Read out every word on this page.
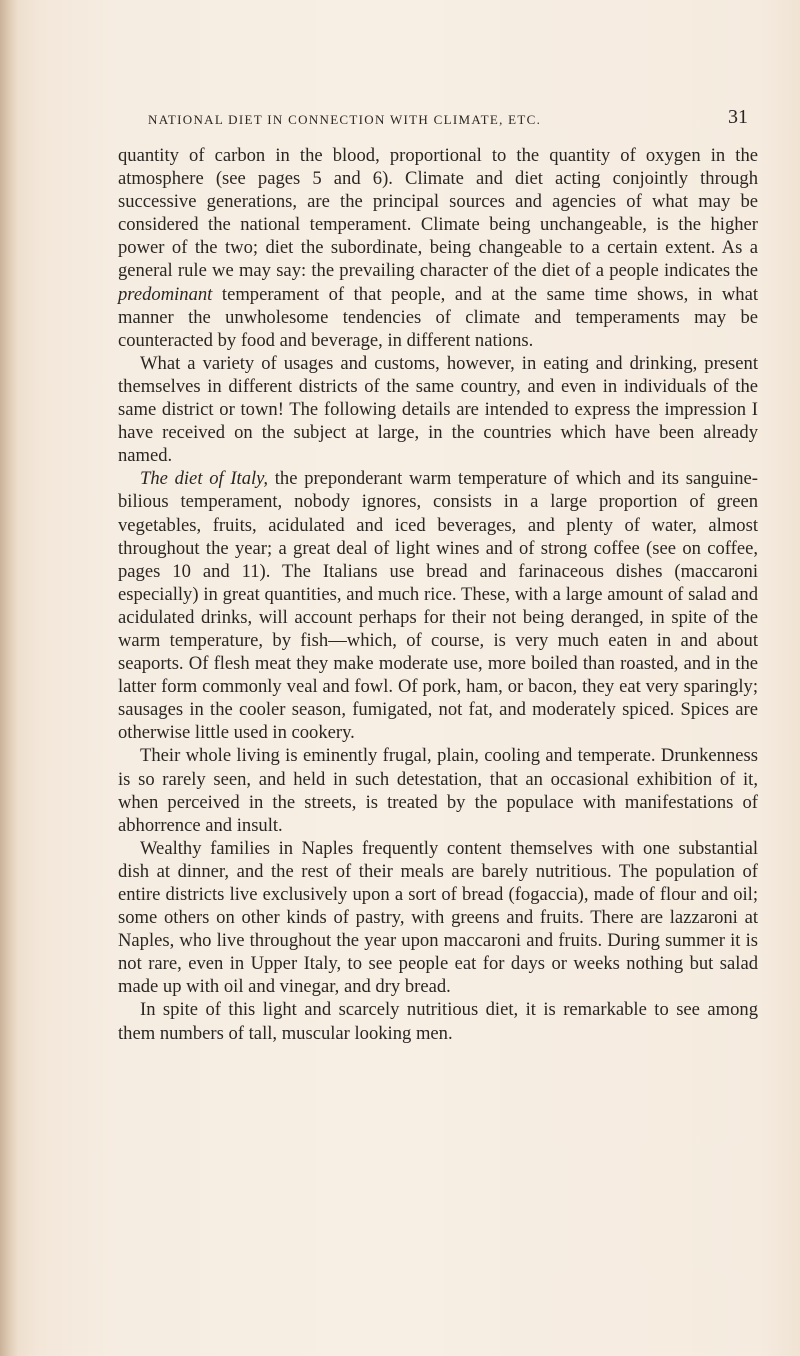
NATIONAL DIET IN CONNECTION WITH CLIMATE, ETC.	31

quantity of carbon in the blood, proportional to the quantity of oxygen in the atmosphere (see pages 5 and 6). Climate and diet acting conjointly through successive generations, are the principal sources and agencies of what may be considered the national temperament. Climate being unchangeable, is the higher power of the two; diet the subordinate, being changeable to a certain extent. As a general rule we may say: the prevailing character of the diet of a people indicates the predominant temperament of that people, and at the same time shows, in what manner the unwholesome tendencies of climate and temperaments may be counteracted by food and beverage, in different nations.

What a variety of usages and customs, however, in eating and drinking, present themselves in different districts of the same country, and even in individuals of the same district or town! The following details are intended to express the impression I have received on the subject at large, in the countries which have been already named.

The diet of Italy, the preponderant warm temperature of which and its sanguine-bilious temperament, nobody ignores, consists in a large proportion of green vegetables, fruits, acidulated and iced beverages, and plenty of water, almost throughout the year; a great deal of light wines and of strong coffee (see on coffee, pages 10 and 11). The Italians use bread and farinaceous dishes (maccaroni especially) in great quantities, and much rice. These, with a large amount of salad and acidulated drinks, will account perhaps for their not being deranged, in spite of the warm temperature, by fish—which, of course, is very much eaten in and about seaports. Of flesh meat they make moderate use, more boiled than roasted, and in the latter form commonly veal and fowl. Of pork, ham, or bacon, they eat very sparingly; sausages in the cooler season, fumigated, not fat, and moderately spiced. Spices are otherwise little used in cookery.

Their whole living is eminently frugal, plain, cooling and temperate. Drunkenness is so rarely seen, and held in such detestation, that an occasional exhibition of it, when perceived in the streets, is treated by the populace with manifestations of abhorrence and insult.

Wealthy families in Naples frequently content themselves with one substantial dish at dinner, and the rest of their meals are barely nutritious. The population of entire districts live exclusively upon a sort of bread (fogaccia), made of flour and oil; some others on other kinds of pastry, with greens and fruits. There are lazzaroni at Naples, who live throughout the year upon maccaroni and fruits. During summer it is not rare, even in Upper Italy, to see people eat for days or weeks nothing but salad made up with oil and vinegar, and dry bread.

In spite of this light and scarcely nutritious diet, it is remarkable to see among them numbers of tall, muscular looking men.
